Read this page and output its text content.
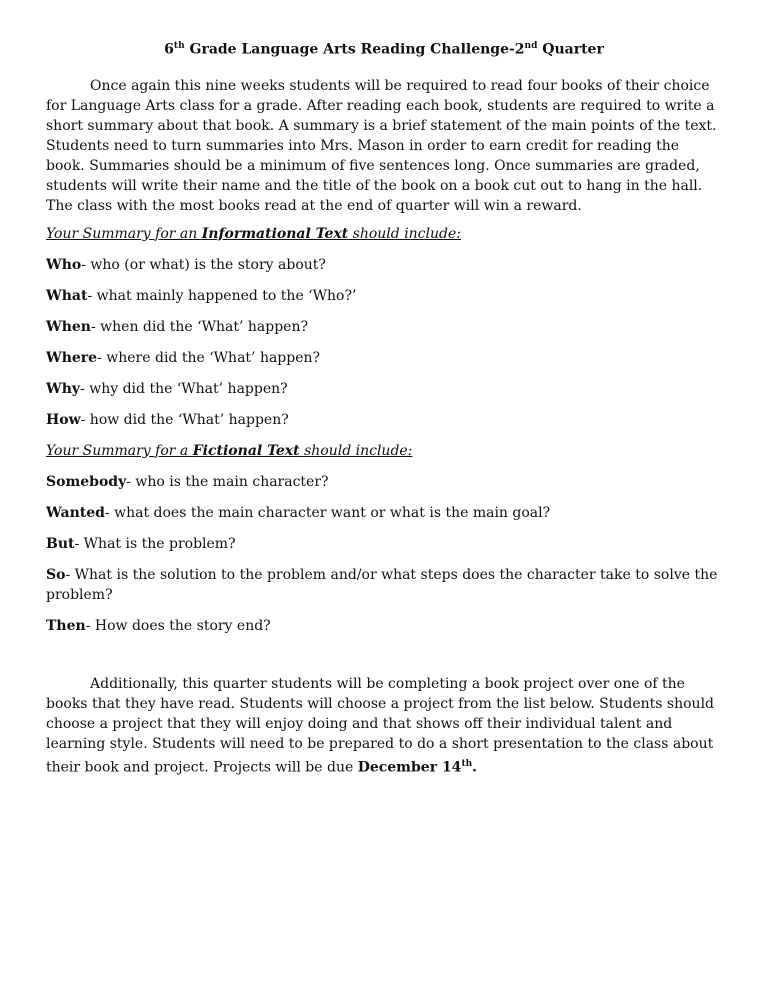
6th Grade Language Arts Reading Challenge-2nd Quarter

Once again this nine weeks students will be required to read four books of their choice for Language Arts class for a grade. After reading each book, students are required to write a short summary about that book. A summary is a brief statement of the main points of the text. Students need to turn summaries into Mrs. Mason in order to earn credit for reading the book. Summaries should be a minimum of five sentences long. Once summaries are graded, students will write their name and the title of the book on a book cut out to hang in the hall. The class with the most books read at the end of quarter will win a reward.

Your Summary for an Informational Text should include:

Who- who (or what) is the story about?

What- what mainly happened to the ‘Who?’

When- when did the ‘What’ happen?

Where- where did the ‘What’ happen?

Why- why did the ‘What’ happen?

How- how did the ‘What’ happen?

Your Summary for a Fictional Text should include:

Somebody- who is the main character?

Wanted- what does the main character want or what is the main goal?

But- What is the problem?

So- What is the solution to the problem and/or what steps does the character take to solve the problem?

Then- How does the story end?

Additionally, this quarter students will be completing a book project over one of the books that they have read. Students will choose a project from the list below. Students should choose a project that they will enjoy doing and that shows off their individual talent and learning style. Students will need to be prepared to do a short presentation to the class about their book and project. Projects will be due December 14th.
